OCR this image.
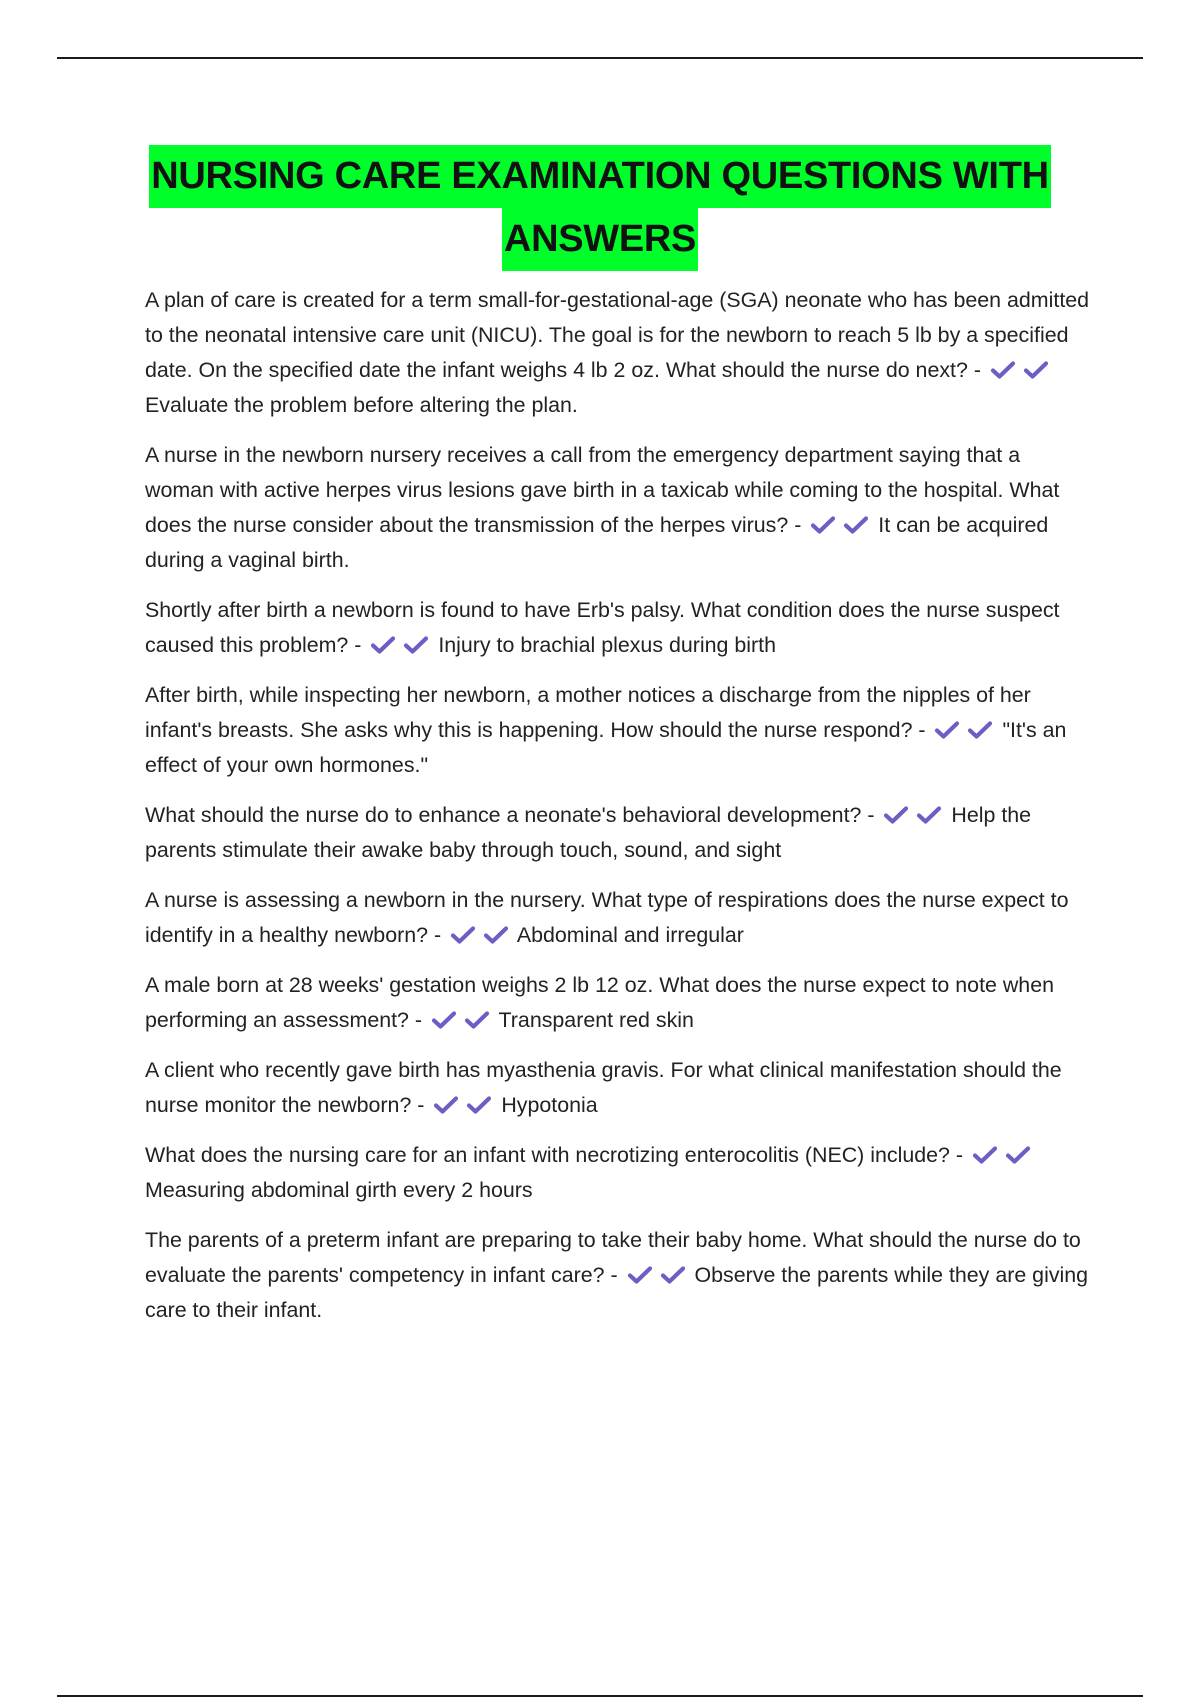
NURSING CARE EXAMINATION QUESTIONS WITH
ANSWERS
A plan of care is created for a term small-for-gestational-age (SGA) neonate who has been admitted to the neonatal intensive care unit (NICU). The goal is for the newborn to reach 5 lb by a specified date. On the specified date the infant weighs 4 lb 2 oz. What should the nurse do next? -  Evaluate the problem before altering the plan.
A nurse in the newborn nursery receives a call from the emergency department saying that a woman with active herpes virus lesions gave birth in a taxicab while coming to the hospital. What does the nurse consider about the transmission of the herpes virus? -	It can be acquired during a vaginal birth.
Shortly after birth a newborn is found to have Erb's palsy. What condition does the nurse suspect caused this problem? -	Injury to brachial plexus during birth
After birth, while inspecting her newborn, a mother notices a discharge from the nipples of her infant's breasts. She asks why this is happening. How should the nurse respond? -	"It's an effect of your own hormones."
What should the nurse do to enhance a neonate's behavioral development? -	Help the parents stimulate their awake baby through touch, sound, and sight
A nurse is assessing a newborn in the nursery. What type of respirations does the nurse expect to identify in a healthy newborn? -	Abdominal and irregular
A male born at 28 weeks' gestation weighs 2 lb 12 oz. What does the nurse expect to note when performing an assessment? -	Transparent red skin
A client who recently gave birth has myasthenia gravis. For what clinical manifestation should the nurse monitor the newborn? -	Hypotonia
What does the nursing care for an infant with necrotizing enterocolitis (NEC) include? -  Measuring abdominal girth every 2 hours
The parents of a preterm infant are preparing to take their baby home. What should the nurse do to evaluate the parents' competency in infant care? -	Observe the parents while they are giving care to their infant.
